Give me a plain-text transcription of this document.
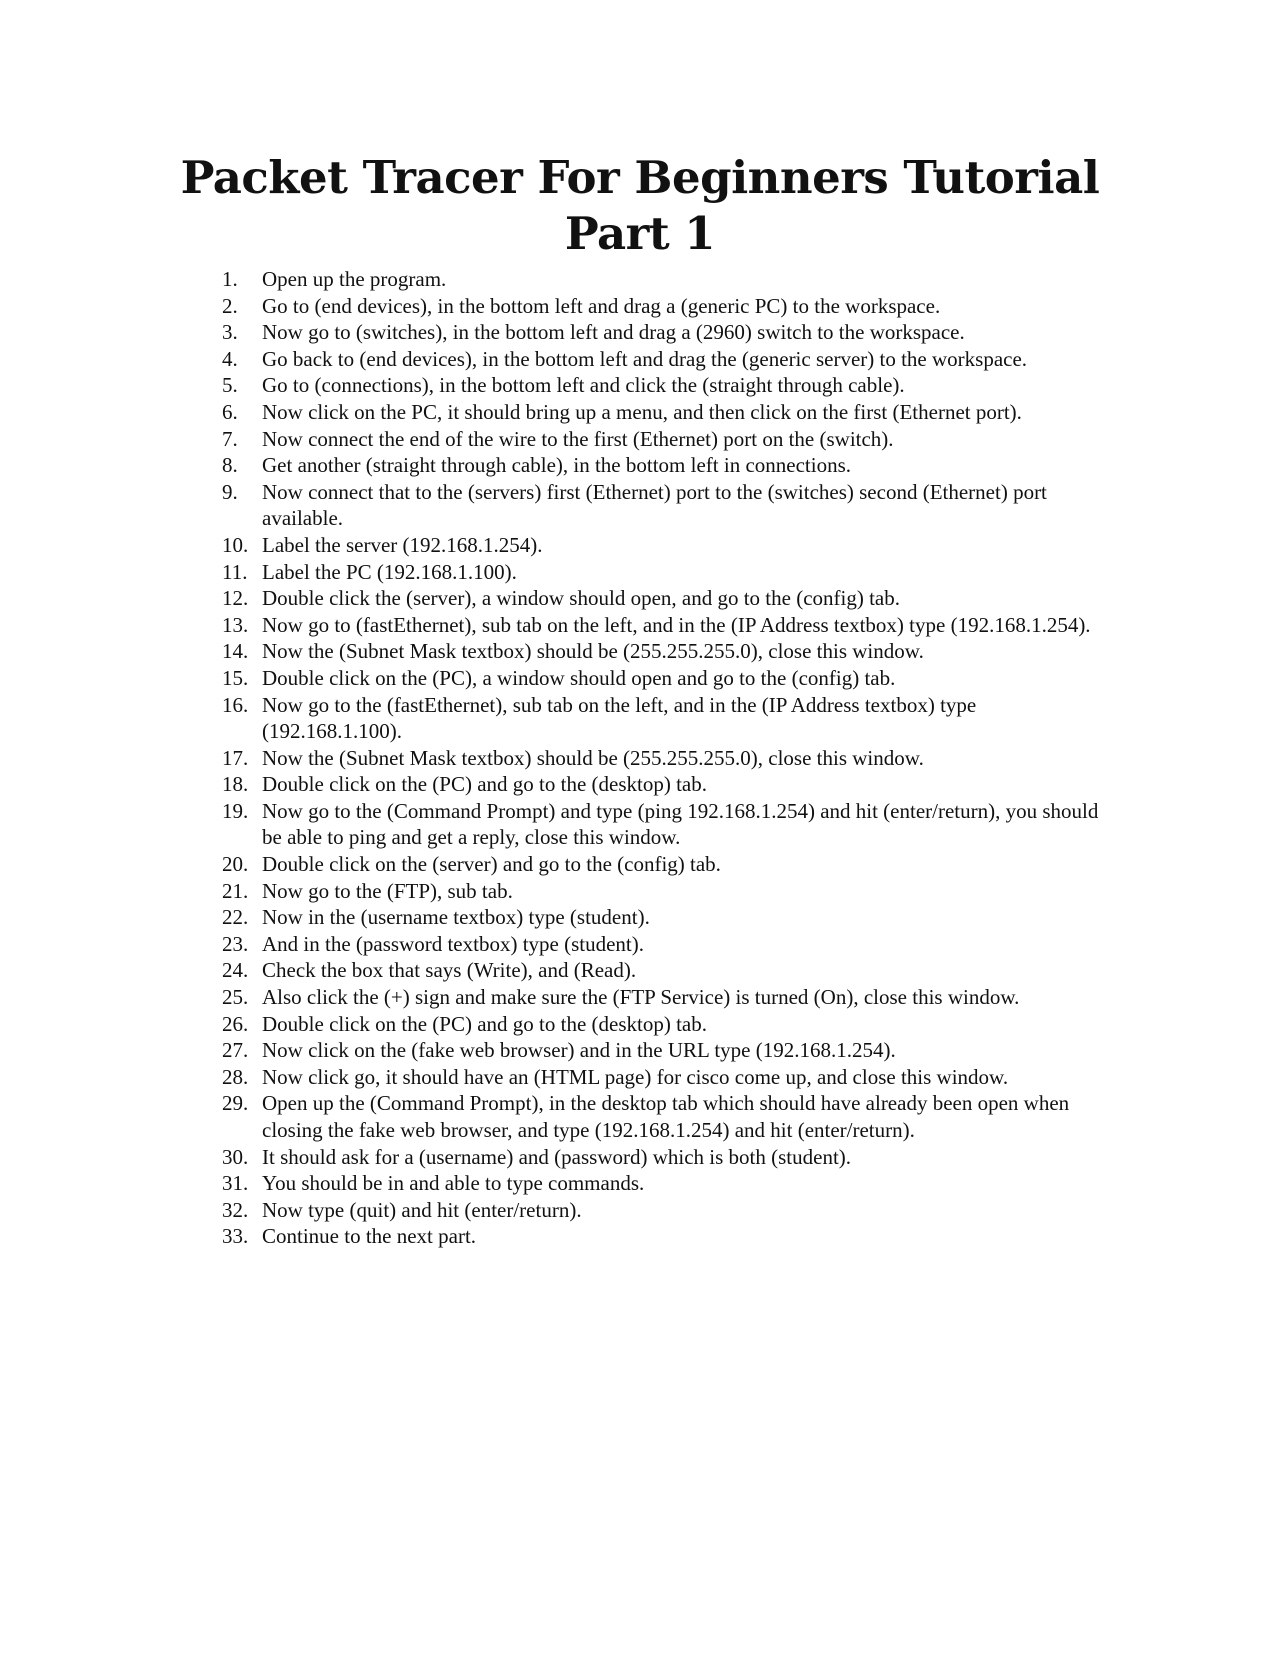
Packet Tracer For Beginners Tutorial
Part 1
1.	Open up the program.
2.	Go to (end devices), in the bottom left and drag a (generic PC) to the workspace.
3.	Now go to (switches), in the bottom left and drag a (2960) switch to the workspace.
4.	Go back to (end devices), in the bottom left and drag the (generic server) to the workspace.
5.	Go to (connections), in the bottom left and click the (straight through cable).
6.	Now click on the PC, it should bring up a menu, and then click on the first (Ethernet port).
7.	Now connect the end of the wire to the first (Ethernet) port on the (switch).
8.	Get another (straight through cable), in the bottom left in connections.
9.	Now connect that to the (servers) first (Ethernet) port to the (switches) second (Ethernet) port available.
10. Label the server (192.168.1.254).
11. Label the PC (192.168.1.100).
12. Double click the (server), a window should open, and go to the (config) tab.
13. Now go to (fastEthernet), sub tab on the left, and in the (IP Address textbox) type (192.168.1.254).
14. Now the (Subnet Mask textbox) should be (255.255.255.0), close this window.
15. Double click on the (PC), a window should open and go to the (config) tab.
16. Now go to the (fastEthernet), sub tab on the left, and in the (IP Address textbox) type (192.168.1.100).
17. Now the (Subnet Mask textbox) should be (255.255.255.0), close this window.
18. Double click on the (PC) and go to the (desktop) tab.
19. Now go to the (Command Prompt) and type (ping 192.168.1.254) and hit (enter/return), you should be able to ping and get a reply, close this window.
20. Double click on the (server) and go to the (config) tab.
21. Now go to the (FTP), sub tab.
22. Now in the (username textbox) type (student).
23. And in the (password textbox) type (student).
24. Check the box that says (Write), and (Read).
25. Also click the (+) sign and make sure the (FTP Service) is turned (On), close this window.
26. Double click on the (PC) and go to the (desktop) tab.
27. Now click on the (fake web browser) and in the URL type (192.168.1.254).
28. Now click go, it should have an (HTML page) for cisco come up, and close this window.
29. Open up the (Command Prompt), in the desktop tab which should have already been open when closing the fake web browser, and type (192.168.1.254) and hit (enter/return).
30. It should ask for a (username) and (password) which is both (student).
31. You should be in and able to type commands.
32. Now type (quit) and hit (enter/return).
33. Continue to the next part.
